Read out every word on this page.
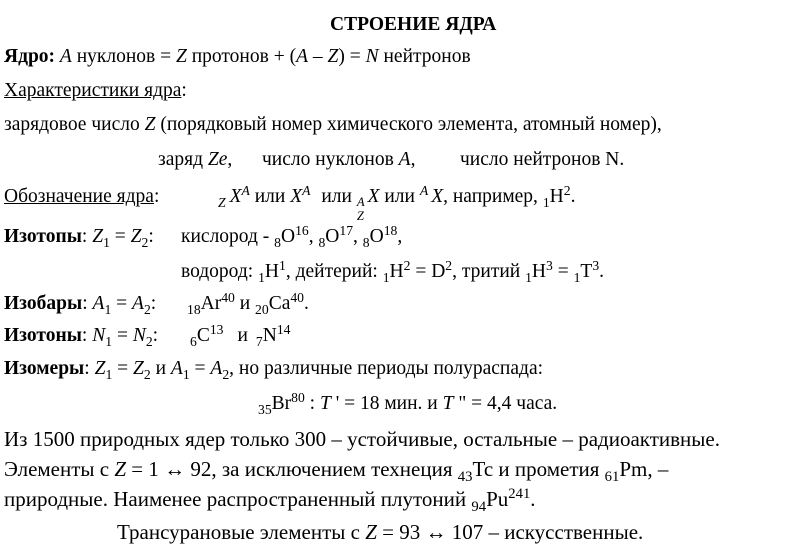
СТРОЕНИЕ ЯДРА
Ядро: A нуклонов = Z протонов + (A – Z) = N нейтронов
Характеристики ядра:
зарядовое число Z (порядковый номер химического элемента, атомный номер),
заряд Ze, число нуклонов A, число нейтронов N.
Обозначение ядра:	$_Z$ $X^A$ или $X^A$ или A
Z
X или $^A$ X, например, $_1H^2$.
Изотопы: $Z_1 = Z_2$: кислород - $_8O^{16}$, $_8O^{17}$, $_8O^{18}$,
водород: $_1H^1$, дейтерий: $_1H^2 = D^2$, тритий $_1H^3 = _1T^3$.
Изобары: $A_1 = A_2$: $_{18}Ar^{40}$ и $_{20}Ca^{40}$.
Изотоны: $N_1 = N_2$: $_6C^{13}$ и $_7N^{14}$
Изомеры: $Z_1 = Z_2$ и $A_1 = A_2$, но различные периоды полураспада:
$_{35}Br^{80}$ : T ' = 18 мин. и T " = 4,4 часа.
Из 1500 природных ядер только 300 – устойчивые, остальные – радиоактивные.
Элементы с Z = 1 ↔ 92, за исключением технеция $_{43}$Tc и прометия $_{61}$Pm, –
природные. Наименее распространенный плутоний $_{94}Pu^{241}$.
Трансурановые элементы с Z = 93 ↔ 107 – искусственные.
